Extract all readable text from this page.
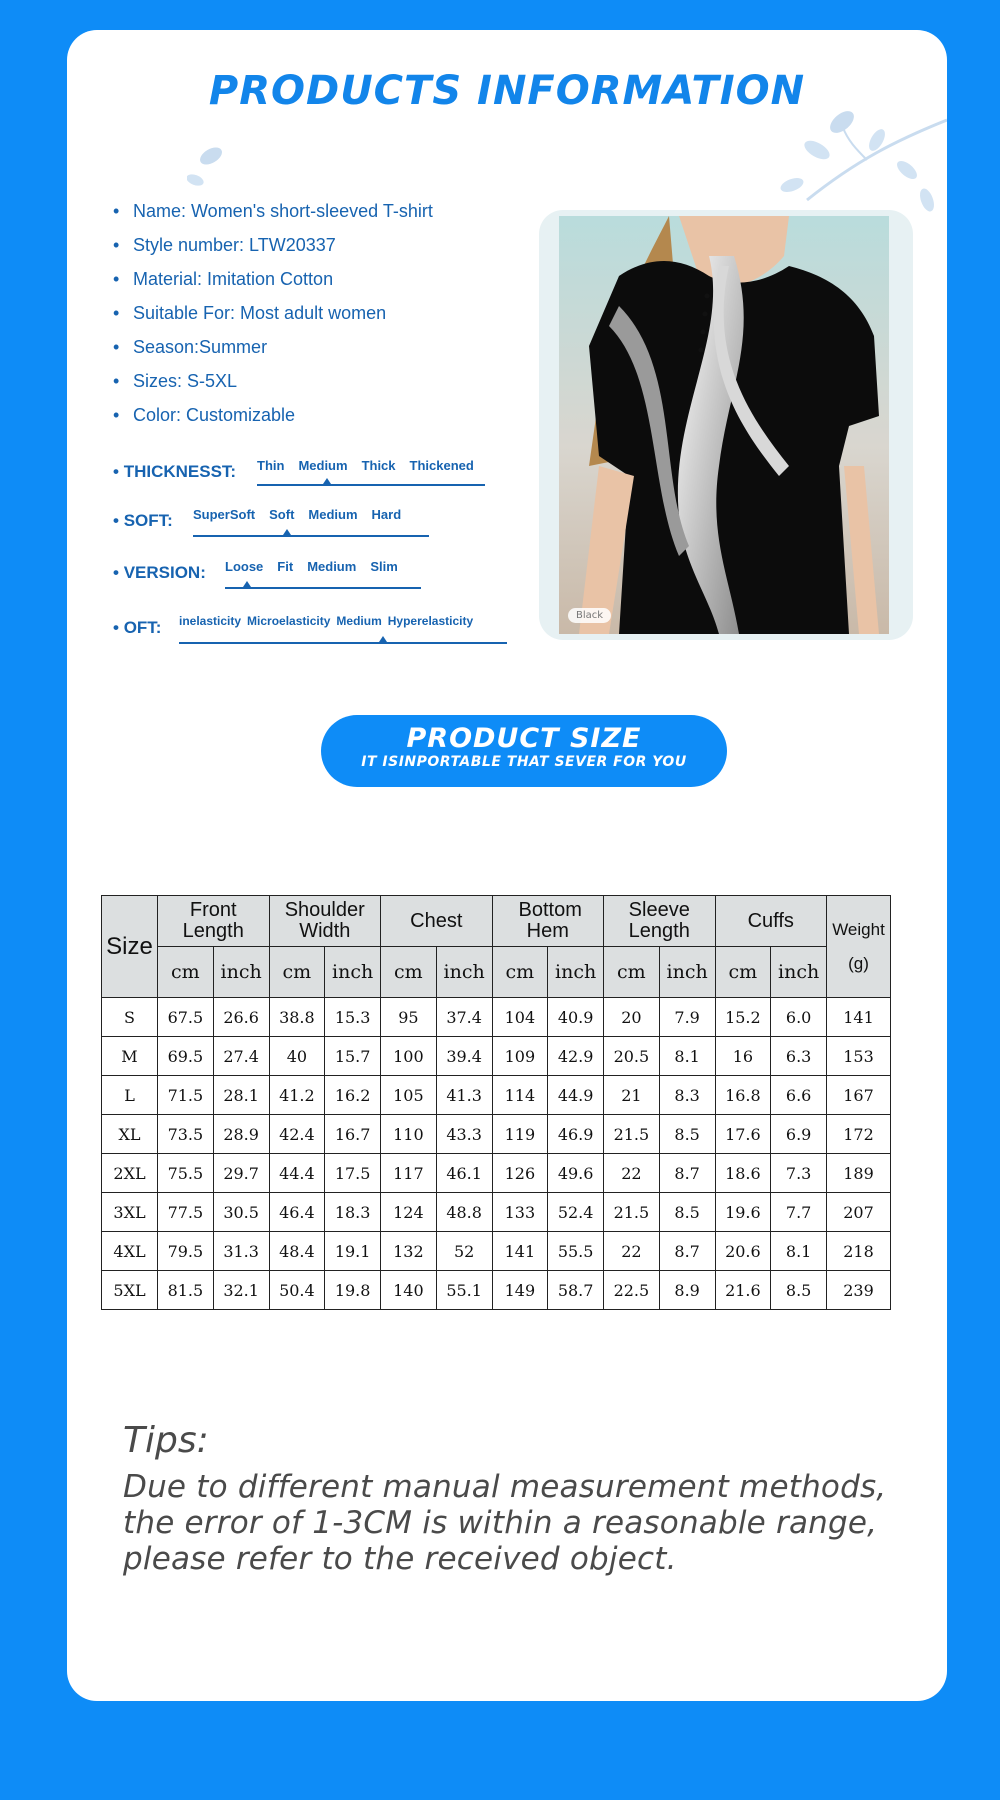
PRODUCTS INFORMATION
• Name: Women's short-sleeved T-shirt
• Style number: LTW20337
• Material: Imitation Cotton
• Suitable For: Most adult women
• Season:Summer
• Sizes: S-5XL
• Color: Customizable
• THICKNESST: Thin Medium Thick Thickened
• SOFT: SuperSoft Soft Medium Hard
• VERSION: Loose Fit Medium Slim
• OFT: inelasticity Microelasticity Medium Hyperelasticity	Black
PRODUCT SIZE
IT ISINPORTABLE THAT SEVER FOR YOU
Size	Front Length		Shoulder Width		Chest		Bottom Hem		Sleeve Length		Cuffs		Weight (g)
	cm	inch	cm	inch	cm	inch	cm	inch	cm	inch	cm	inch	
S	67.5	26.6	38.8	15.3	95	37.4	104	40.9	20	7.9	15.2	6.0	141
M	69.5	27.4	40	15.7	100	39.4	109	42.9	20.5	8.1	16	6.3	153
L	71.5	28.1	41.2	16.2	105	41.3	114	44.9	21	8.3	16.8	6.6	167
XL	73.5	28.9	42.4	16.7	110	43.3	119	46.9	21.5	8.5	17.6	6.9	172
2XL	75.5	29.7	44.4	17.5	117	46.1	126	49.6	22	8.7	18.6	7.3	189
3XL	77.5	30.5	46.4	18.3	124	48.8	133	52.4	21.5	8.5	19.6	7.7	207
4XL	79.5	31.3	48.4	19.1	132	52	141	55.5	22	8.7	20.6	8.1	218
5XL	81.5	32.1	50.4	19.8	140	55.1	149	58.7	22.5	8.9	21.6	8.5	239
Tips:
Due to different manual measurement methods, the error of 1-3CM is within a reasonable range, please refer to the received object.
